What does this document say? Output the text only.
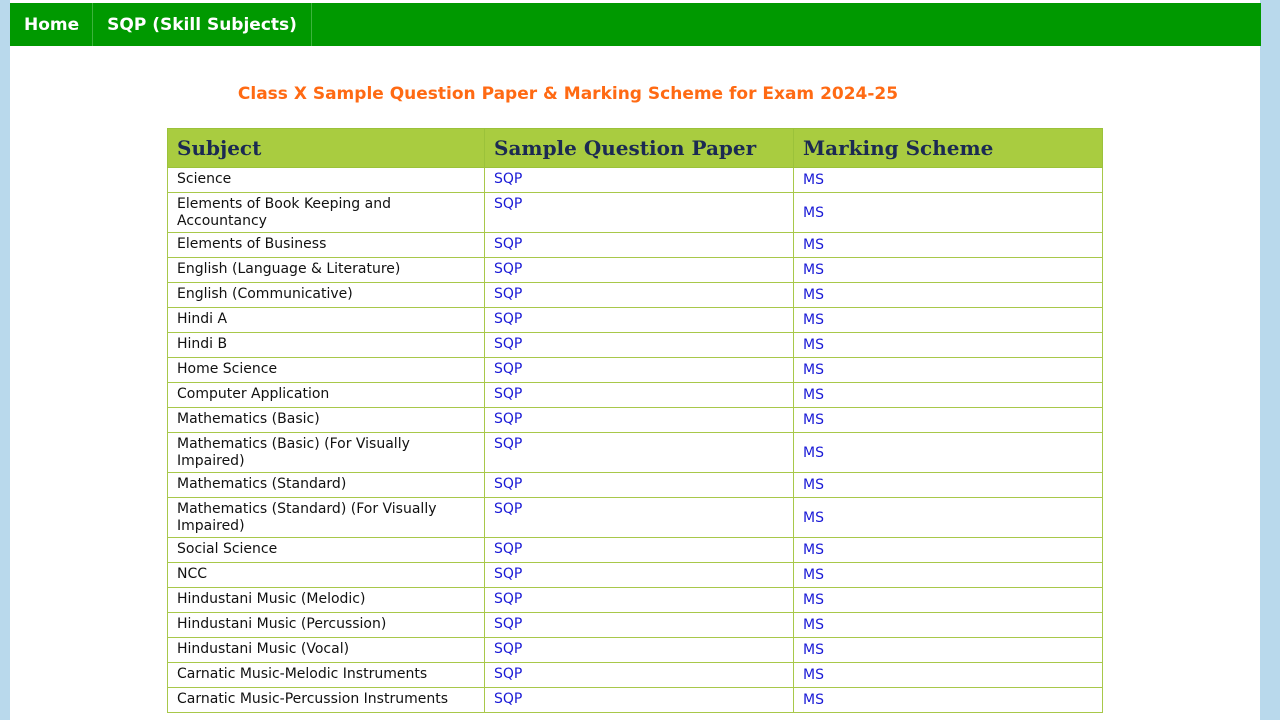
Home	SQP (Skill Subjects)
Class X Sample Question Paper & Marking Scheme for Exam 2024-25
Subject	Sample Question Paper	Marking Scheme
Science	SQP	MS
Elements of Book Keeping and Accountancy	SQP	MS
Elements of Business	SQP	MS
English (Language & Literature)	SQP	MS
English (Communicative)	SQP	MS
Hindi A	SQP	MS
Hindi B	SQP	MS
Home Science	SQP	MS
Computer Application	SQP	MS
Mathematics (Basic)	SQP	MS
Mathematics (Basic) (For Visually Impaired)	SQP	MS
Mathematics (Standard)	SQP	MS
Mathematics (Standard) (For Visually Impaired)	SQP	MS
Social Science	SQP	MS
NCC	SQP	MS
Hindustani Music (Melodic)	SQP	MS
Hindustani Music (Percussion)	SQP	MS
Hindustani Music (Vocal)	SQP	MS
Carnatic Music-Melodic Instruments	SQP	MS
Carnatic Music-Percussion Instruments	SQP	MS
